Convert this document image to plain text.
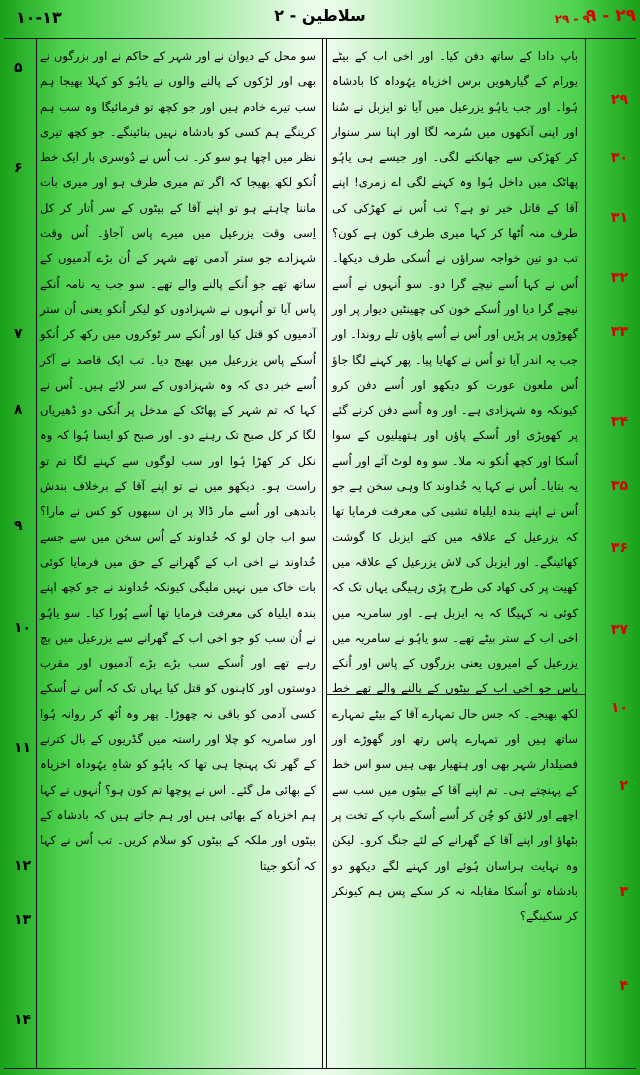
۱۰-۱۳	۲ - سلاطین	۲۹ - ۹
۹ - ۲۹
۵
۶
۷
۸
۹
۱۰
۱۱
۱۲
۱۳
۱۴
۲۹
۳۰
۳۱
۳۲
۳۳
۳۴
۳۵
۳۶
۳۷
۱۰
۲
۳
۴

سو محل کے دیوان نے اور شہر کے حاکم نے اور بزرگوں نے بھی اور لڑکوں کے پالنے والوں نے یاہُو کو کہلا بھیجا ہم سب تیرے خادم ہیں اور جو کچھ تو فرمائیگا وہ سب ہم کرینگے ہم کسی کو بادشاہ نہیں بنائینگے۔ جو کچھ تیری نظر میں اچھا ہو سو کر۔ تب اُس نے دُوسری بار ایک خط اُنکو لکھ بھیجا کہ اگر تم میری طرف ہو اور میری بات ماننا چاہتے ہو تو اپنے آقا کے بیٹوں کے سر اُتار کر کل اِسی وقت یزرعیل میں میرے پاس آجاؤ۔ اُس وقت شہزادے جو ستر آدمی تھے شہر کے اُن بڑے آدمیوں کے ساتھ تھے جو اُنکے پالنے والے تھے۔ سو جب یہ نامہ اُنکے پاس آیا تو اُنہوں نے شہزادوں کو لیکر اُنکو یعنی اُن ستر آدمیوں کو قتل کیا اور اُنکے سر ٹوکروں میں رکھ کر اُنکو اُسکے پاس یزرعیل میں بھیج دیا۔ تب ایک قاصد نے آکر اُسے خبر دی کہ وہ شہزادوں کے سر لائے ہیں۔ اُس نے کہا کہ تم شہر کے پھاٹک کے مدخل پر اُنکی دو ڈھیریاں لگا کر کل صبح تک رہنے دو۔ اور صبح کو ایسا ہُوا کہ وہ نکل کر کھڑا ہُوا اور سب لوگوں سے کہنے لگا تم تو راست ہو۔ دیکھو میں نے تو اپنے آقا کے برخلاف بندش باندھی اور اُسے مار ڈالا پر ان سبھوں کو کس نے مارا؟ سو اب جان لو کہ خُداوند کے اُس سخن میں سے جسے خُداوند نے اخی اب کے گھرانے کے حق میں فرمایا کوئی بات خاک میں نہیں ملیگی کیونکہ خُداوند نے جو کچھ اپنے بندہ ایلیاہ کی معرفت فرمایا تھا اُسے پُورا کیا۔ سو یاہُو نے اُن سب کو جو اخی اب کے گھرانے سے یزرعیل میں بچ رہے تھے اور اُسکے سب بڑے بڑے آدمیوں اور مقرب دوستوں اور کاہنوں کو قتل کیا یہاں تک کہ اُس نے اُسکے کسی آدمی کو باقی نہ چھوڑا۔ پھر وہ اُٹھ کر روانہ ہُوا اور سامریہ کو چلا اور راستہ میں گڈریوں کے بال کترنے کے گھر تک پہنچا ہی تھا کہ یاہُو کو شاہِ یہُوداہ اخزیاہ کے بھائی مل گئے۔ اس نے پوچھا تم کون ہو؟ اُنہوں نے کہا ہم اخزیاہ کے بھائی ہیں اور ہم جاتے ہیں کہ بادشاہ کے بیٹوں اور ملکہ کے بیٹوں کو سلام کریں۔ تب اُس نے کہا کہ اُنکو جیتا

باپ دادا کے ساتھ دفن کیا۔ اور اخی اب کے بیٹے یورام کے گیارھویں برس اخزیاہ یہُوداہ کا بادشاہ ہُوا۔ اور جب یاہُو یزرعیل میں آیا تو ایزبل نے سُنا اور اپنی آنکھوں میں سُرمہ لگا اور اپنا سر سنوار کر کھڑکی سے جھانکنے لگی۔ اور جیسے ہی یاہُو پھاٹک میں داخل ہُوا وہ کہنے لگی اے زمری! اپنے آقا کے قاتل خیر تو ہے؟ تب اُس نے کھڑکی کی طرف منہ اُٹھا کر کہا میری طرف کون ہے کون؟ تب دو تین خواجہ سراؤں نے اُسکی طرف دیکھا۔ اُس نے کہا اُسے نیچے گرا دو۔ سو اُنہوں نے اُسے نیچے گرا دیا اور اُسکے خون کی چھینٹیں دیوار پر اور گھوڑوں پر پڑیں اور اُس نے اُسے پاؤں تلے روندا۔ اور جب یہ اندر آیا تو اُس نے کھایا پیا۔ پھر کہنے لگا جاؤ اُس ملعون عورت کو دیکھو اور اُسے دفن کرو کیونکہ وہ شہزادی ہے۔ اور وہ اُسے دفن کرنے گئے پر کھوپڑی اور اُسکے پاؤں اور ہتھیلیوں کے سوا اُسکا اور کچھ اُنکو نہ ملا۔ سو وہ لوٹ آئے اور اُسے یہ بتایا۔ اُس نے کہا یہ خُداوند کا وہی سخن ہے جو اُس نے اپنے بندہ ایلیاہ تشبی کی معرفت فرمایا تھا کہ یزرعیل کے علاقہ میں کتے ایزبل کا گوشت کھائینگے۔ اور ایزبل کی لاش یزرعیل کے علاقہ میں کھیت پر کی کھاد کی طرح پڑی رہیگی یہاں تک کہ کوئی نہ کہیگا کہ یہ ایزبل ہے۔ اور سامریہ میں اخی اب کے ستر بیٹے تھے۔ سو یاہُو نے سامریہ میں یزرعیل کے امیروں یعنی بزرگوں کے پاس اور اُنکے پاس جو اخی اب کے بیٹوں کے پالنے والے تھے خط لکھ بھیجے۔ کہ جس حال تمہارے آقا کے بیٹے تمہارے ساتھ ہیں اور تمہارے پاس رتھ اور گھوڑے اور فصیلدار شہر بھی اور ہتھیار بھی ہیں سو اس خط کے پہنچتے ہی۔ تم اپنے آقا کے بیٹوں میں سب سے اچھے اور لائق کو چُن کر اُسے اُسکے باپ کے تخت پر بٹھاؤ اور اپنے آقا کے گھرانے کے لئے جنگ کرو۔ لیکن وہ نہایت ہراسان ہُوئے اور کہنے لگے دیکھو دو بادشاہ تو اُسکا مقابلہ نہ کر سکے پس ہم کیونکر کر سکینگے؟
